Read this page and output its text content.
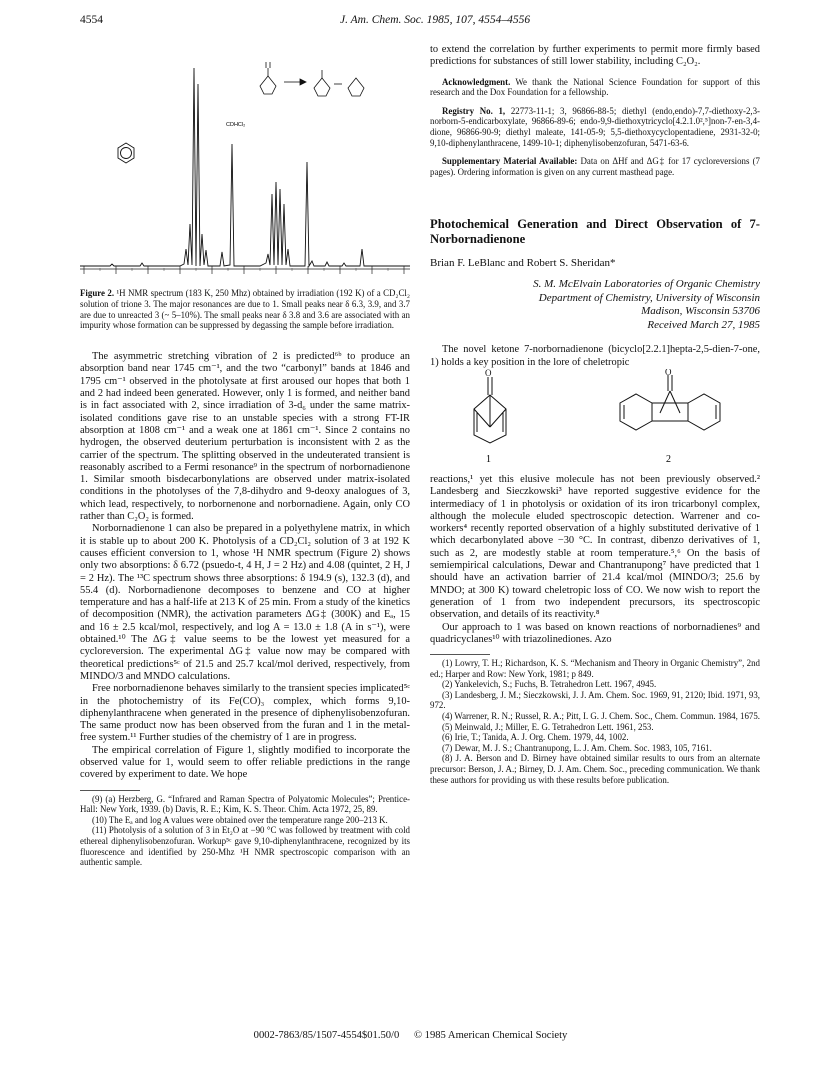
4554	J. Am. Chem. Soc. 1985, 107, 4554–4556
CDHCl₂

Figure 2. ¹H NMR spectrum (183 K, 250 Mhz) obtained by irradiation (192 K) of a CD₂Cl₂ solution of trione 3. The major resonances are due to 1. Small peaks near δ 6.3, 3.9, and 3.7 are due to unreacted 3 (~ 5–10%). The small peaks near δ 3.8 and 3.6 are associated with an impurity whose formation can be suppressed by degassing the sample before irradiation.

The asymmetric stretching vibration of 2 is predicted⁶ᵇ to produce an absorption band near 1745 cm⁻¹, and the two “carbonyl” bands at 1846 and 1795 cm⁻¹ observed in the photolysate at first aroused our hopes that both 1 and 2 had indeed been generated. However, only 1 is formed, and neither band is in fact associated with 2, since irradiation of 3-d₆ under the same matrix-isolated conditions gave rise to an unstable species with a strong FT-IR absorption at 1808 cm⁻¹ and a weak one at 1861 cm⁻¹. Since 2 contains no hydrogen, the observed deuterium perturbation is inconsistent with 2 as the carrier of the spectrum. The splitting observed in the undeuterated transient is reasonably ascribed to a Fermi resonance⁹ in the spectrum of norbornadienone 1. Similar smooth bisdecarbonylations are observed under matrix-isolated conditions in the photolyses of the 7,8-dihydro and 9-deoxy analogues of 3, which lead, respectively, to norbornenone and norbornadiene. Again, only CO rather than C₂O₂ is formed.

Norbornadienone 1 can also be prepared in a polyethylene matrix, in which it is stable up to about 200 K. Photolysis of a CD₂Cl₂ solution of 3 at 192 K causes efficient conversion to 1, whose ¹H NMR spectrum (Figure 2) shows only two absorptions: δ 6.72 (psuedo-t, 4 H, J = 2 Hz) and 4.08 (quintet, 2 H, J = 2 Hz). The ¹³C spectrum shows three absorptions: δ 194.9 (s), 132.3 (d), and 55.4 (d). Norbornadienone decomposes to benzene and CO at higher temperature and has a half-life at 213 K of 25 min. From a study of the kinetics of decomposition (NMR), the activation parameters ΔG‡ (300K) and Eₐ, 15 and 16 ± 2.5 kcal/mol, respectively, and log A = 13.0 ± 1.8 (A in s⁻¹), were obtained.¹⁰ The ΔG‡ value seems to be the lowest yet measured for a cycloreversion. The experimental ΔG‡ value now may be compared with theoretical predictions⁵ᶜ of 21.5 and 25.7 kcal/mol derived, respectively, from MINDO/3 and MNDO calculations.

Free norbornadienone behaves similarly to the transient species implicated⁵ᶜ in the photochemistry of its Fe(CO)₃ complex, which forms 9,10-diphenylanthracene when generated in the presence of diphenylisobenzofuran. The same product now has been observed from the furan and 1 in the metal-free system.¹¹ Further studies of the chemistry of 1 are in progress.

The empirical correlation of Figure 1, slightly modified to incorporate the observed value for 1, would seem to offer reliable predictions in the range covered by experiment to date. We hope

(9) (a) Herzberg, G. “Infrared and Raman Spectra of Polyatomic Molecules”; Prentice-Hall: New York, 1939. (b) Davis, R. E.; Kim, K. S. Theor. Chim. Acta 1972, 25, 89.

(10) The Eₐ and log A values were obtained over the temperature range 200–213 K.

(11) Photolysis of a solution of 3 in Et₂O at −90 °C was followed by treatment with cold ethereal diphenylisobenzofuran. Workup⁵ᶜ gave 9,10-diphenylanthracene, recognized by its fluorescence and identified by 250-Mhz ¹H NMR spectroscopic comparison with an authentic sample.

to extend the correlation by further experiments to permit more firmly based predictions for substances of still lower stability, including C₂O₂.

Acknowledgment. We thank the National Science Foundation for support of this research and the Dox Foundation for a fellowship.

Registry No. 1, 22773-11-1; 3, 96866-88-5; diethyl (endo,endo)-7,7-diethoxy-2,3-norborn-5-endicarboxylate, 96866-89-6; endo-9,9-diethoxytricyclo[4.2.1.0²,⁵]non-7-en-3,4-dione, 96866-90-9; diethyl maleate, 141-05-9; 5,5-diethoxycyclopentadiene, 2931-32-0; 9,10-diphenylanthracene, 1499-10-1; diphenylisobenzofuran, 5471-63-6.

Supplementary Material Available: Data on ΔHf and ΔG‡ for 17 cycloreversions (7 pages). Ordering information is given on any current masthead page.

Photochemical Generation and Direct Observation of 7-Norbornadienone

Brian F. LeBlanc and Robert S. Sheridan*

S. M. McElvain Laboratories of Organic Chemistry

Department of Chemistry, University of Wisconsin

Madison, Wisconsin 53706

Received March 27, 1985

The novel ketone 7-norbornadienone (bicyclo[2.2.1]hepta-2,5-dien-7-one, 1) holds a key position in the lore of cheletropic

O
1
O
2

reactions,¹ yet this elusive molecule has not been previously observed.² Landesberg and Sieczkowski³ have reported suggestive evidence for the intermediacy of 1 in photolysis or oxidation of its iron tricarbonyl complex, although the molecule eluded spectroscopic detection. Warrener and co-workers⁴ recently reported observation of a highly substituted derivative of 1 which decarbonylated above −30 °C. In contrast, dibenzo derivatives of 1, such as 2, are modestly stable at room temperature.⁵,⁶ On the basis of semiempirical calculations, Dewar and Chantranupong⁷ have predicted that 1 should have an activation barrier of 21.4 kcal/mol (MINDO/3; 25.6 by MNDO; at 300 K) toward cheletropic loss of CO. We now wish to report the generation of 1 from two independent precursors, its spectroscopic observation, and details of its reactivity.⁸

Our approach to 1 was based on known reactions of norbornadienes⁹ and quadricyclanes¹⁰ with triazolinediones. Azo

(1) Lowry, T. H.; Richardson, K. S. “Mechanism and Theory in Organic Chemistry”, 2nd ed.; Harper and Row: New York, 1981; p 849.

(2) Yankelevich, S.; Fuchs, B. Tetrahedron Lett. 1967, 4945.

(3) Landesberg, J. M.; Sieczkowski, J. J. Am. Chem. Soc. 1969, 91, 2120; Ibid. 1971, 93, 972.

(4) Warrener, R. N.; Russel, R. A.; Pitt, I. G. J. Chem. Soc., Chem. Commun. 1984, 1675.

(5) Meinwald, J.; Miller, E. G. Tetrahedron Lett. 1961, 253.

(6) Irie, T.; Tanida, A. J. Org. Chem. 1979, 44, 1002.

(7) Dewar, M. J. S.; Chantranupong, L. J. Am. Chem. Soc. 1983, 105, 7161.

(8) J. A. Berson and D. Birney have obtained similar results to ours from an alternate precursor: Berson, J. A.; Birney, D. J. Am. Chem. Soc., preceding communication. We thank these authors for providing us with these results before publication.

0002-7863/85/1507-4554$01.50/0 © 1985 American Chemical Society
